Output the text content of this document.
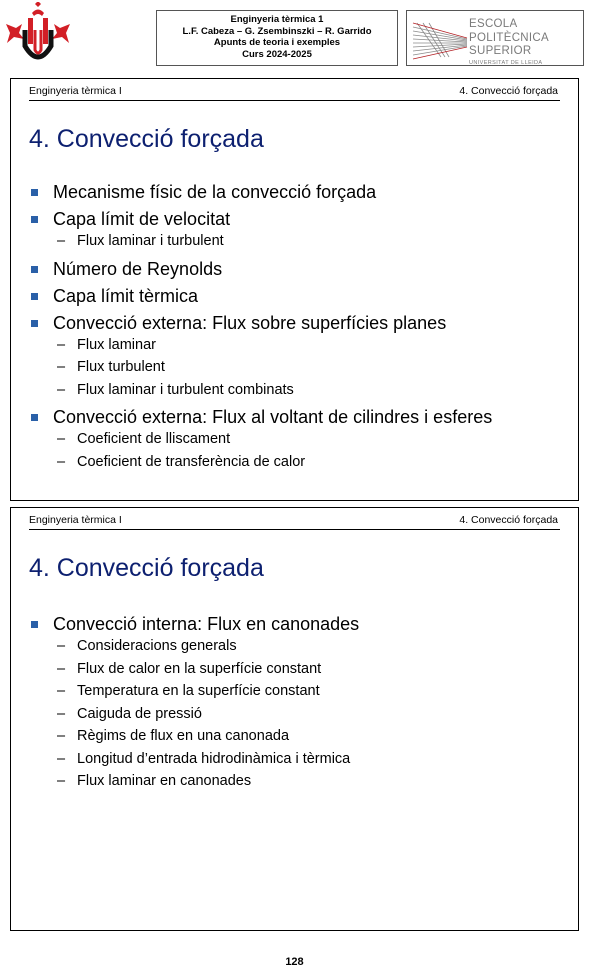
Enginyeria tèrmica 1
L.F. Cabeza – G. Zsembinszki – R. Garrido
Apunts de teoria i exemples
Curs 2024-2025
ESCOLA
POLITÈCNICA SUPERIOR
UNIVERSITAT DE LLEIDA
Enginyeria tèrmica I	4. Convecció forçada
4. Convecció forçada
Mecanisme físic de la convecció forçada
Capa límit de velocitat
– Flux laminar i turbulent
Número de Reynolds
Capa límit tèrmica
Convecció externa: Flux sobre superfícies planes
– Flux laminar
– Flux turbulent
– Flux laminar i turbulent combinats
Convecció externa: Flux al voltant de cilindres i esferes
– Coeficient de lliscament
– Coeficient de transferència de calor
Enginyeria tèrmica I	4. Convecció forçada
4. Convecció forçada
Convecció interna: Flux en canonades
– Consideracions generals
– Flux de calor en la superfície constant
– Temperatura en la superfície constant
– Caiguda de pressió
– Règims de flux en una canonada
– Longitud d’entrada hidrodinàmica i tèrmica
– Flux laminar en canonades
128
